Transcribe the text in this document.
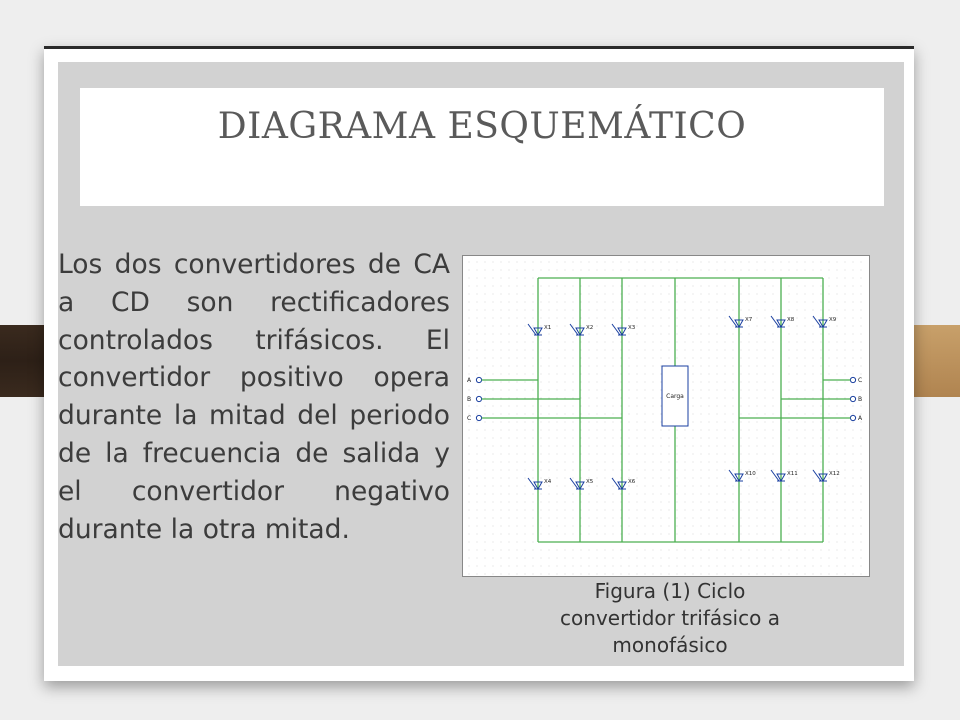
DIAGRAMA ESQUEMÁTICO

Los dos convertidores de CA a CD son rectificadores controlados trifásicos. El convertidor positivo opera durante la mitad del periodo de la frecuencia de salida y el convertidor negativo durante la otra mitad.

A	C
B	B
C	A
X1	X2	X3
X4	X5	X6
X7	X8	X9
X10	X11	X12
Carga
Figura (1) Ciclo
convertidor trifásico a
monofásico
